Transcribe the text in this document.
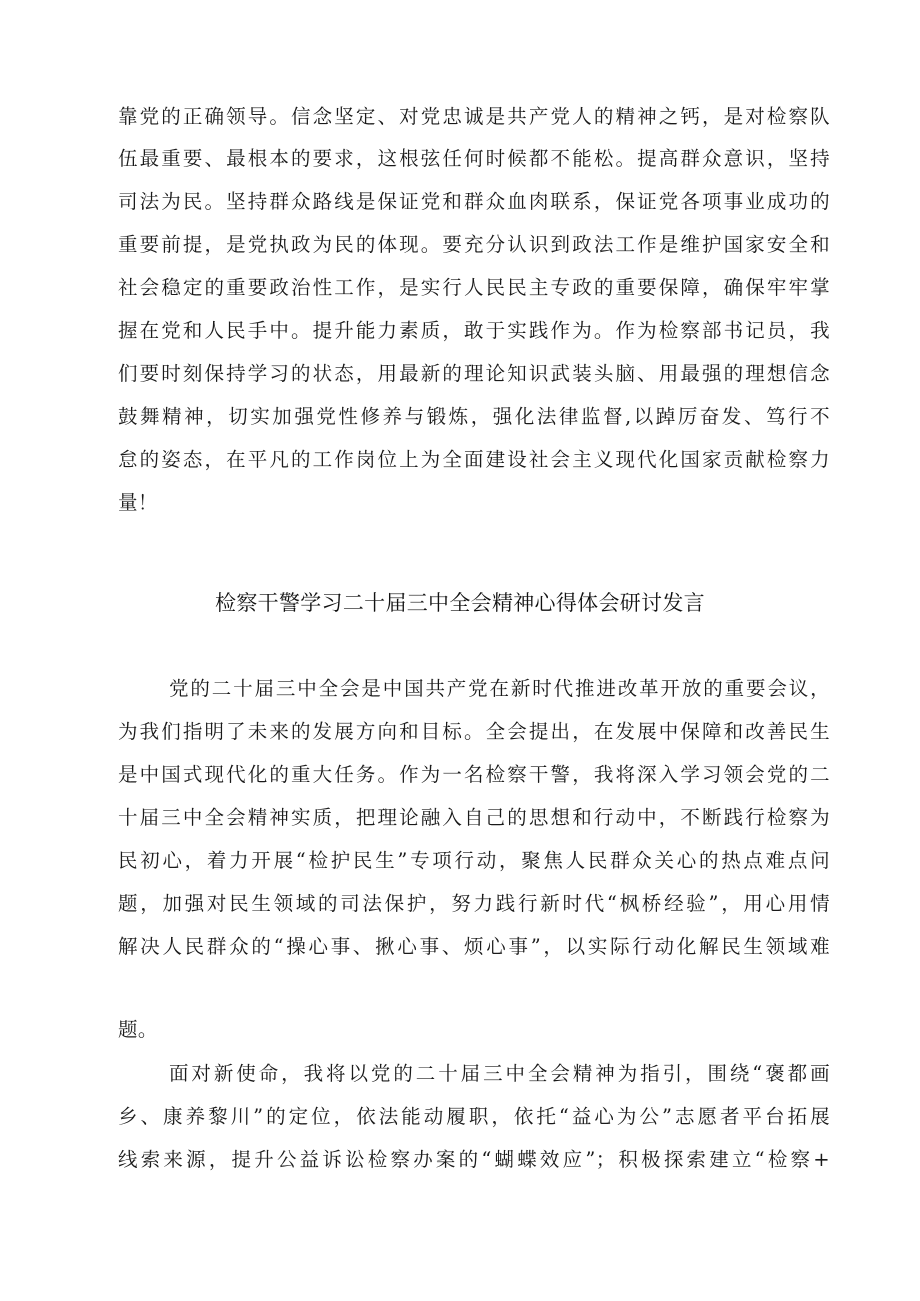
靠党的正确领导。信念坚定、对党忠诚是共产党人的精神之钙，是对检察队
伍最重要、最根本的要求，这根弦任何时候都不能松。提高群众意识，坚持
司法为民。坚持群众路线是保证党和群众血肉联系，保证党各项事业成功的
重要前提，是党执政为民的体现。要充分认识到政法工作是维护国家安全和
社会稳定的重要政治性工作，是实行人民民主专政的重要保障，确保牢牢掌
握在党和人民手中。提升能力素质，敢于实践作为。作为检察部书记员，我
们要时刻保持学习的状态，用最新的理论知识武装头脑、用最强的理想信念
鼓舞精神，切实加强党性修养与锻炼，强化法律监督,以踔厉奋发、笃行不
怠的姿态，在平凡的工作岗位上为全面建设社会主义现代化国家贡献检察力
量！
检察干警学习二十届三中全会精神心得体会研讨发言
党的二十届三中全会是中国共产党在新时代推进改革开放的重要会议，
为我们指明了未来的发展方向和目标。全会提出，在发展中保障和改善民生
是中国式现代化的重大任务。作为一名检察干警，我将深入学习领会党的二
十届三中全会精神实质，把理论融入自己的思想和行动中，不断践行检察为
民初心，着力开展“检护民生”专项行动，聚焦人民群众关心的热点难点问
题，加强对民生领域的司法保护，努力践行新时代“枫桥经验”，用心用情
解决人民群众的“操心事、揪心事、烦心事”，以实际行动化解民生领域难
题。
面对新使命，我将以党的二十届三中全会精神为指引，围绕“褒都画
乡、康养黎川”的定位，依法能动履职，依托“益心为公”志愿者平台拓展
线索来源，提升公益诉讼检察办案的“蝴蝶效应”；积极探索建立“检察+
